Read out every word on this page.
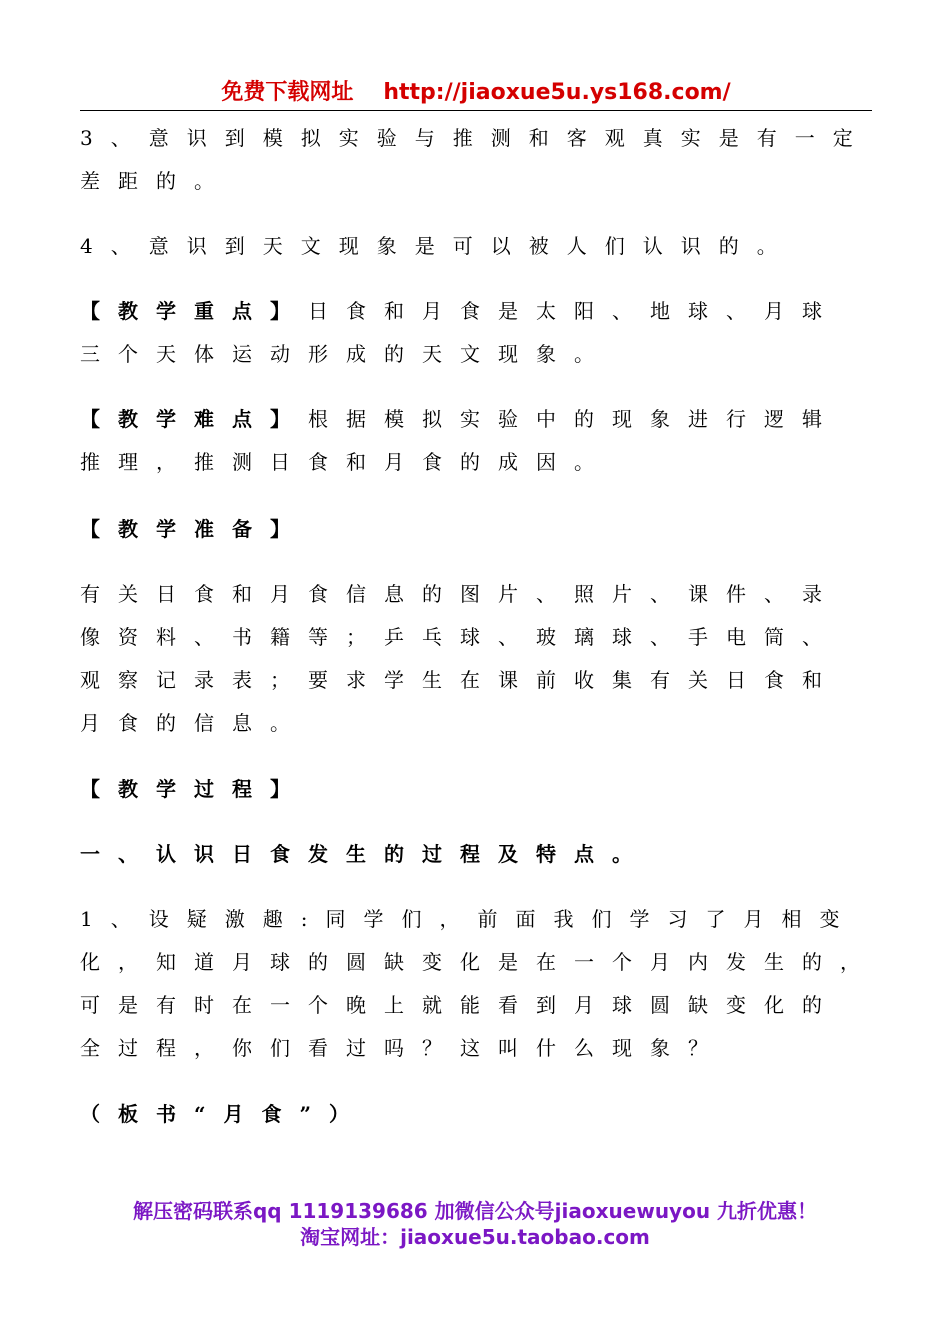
免费下载网址 http://jiaoxue5u.ys168.com/

3、意识到模拟实验与推测和客观真实是有一定
差距的。

4、意识到天文现象是可以被人们认识的。

【教学重点】日食和月食是太阳、地球、月球
三个天体运动形成的天文现象。

【教学难点】根据模拟实验中的现象进行逻辑
推理，推测日食和月食的成因。

【教学准备】

有关日食和月食信息的图片、照片、课件、录
像资料、书籍等；乒乓球、玻璃球、手电筒、
观察记录表；要求学生在课前收集有关日食和
月食的信息。

【教学过程】

一、认识日食发生的过程及特点。

1、设疑激趣:同学们，前面我们学习了月相变
化，知道月球的圆缺变化是在一个月内发生的，
可是有时在一个晚上就能看到月球圆缺变化的
全过程，你们看过吗？这叫什么现象？

（板书“月食”）

解压密码联系qq 1119139686 加微信公众号jiaoxuewuyou 九折优惠！
淘宝网址：jiaoxue5u.taobao.com
